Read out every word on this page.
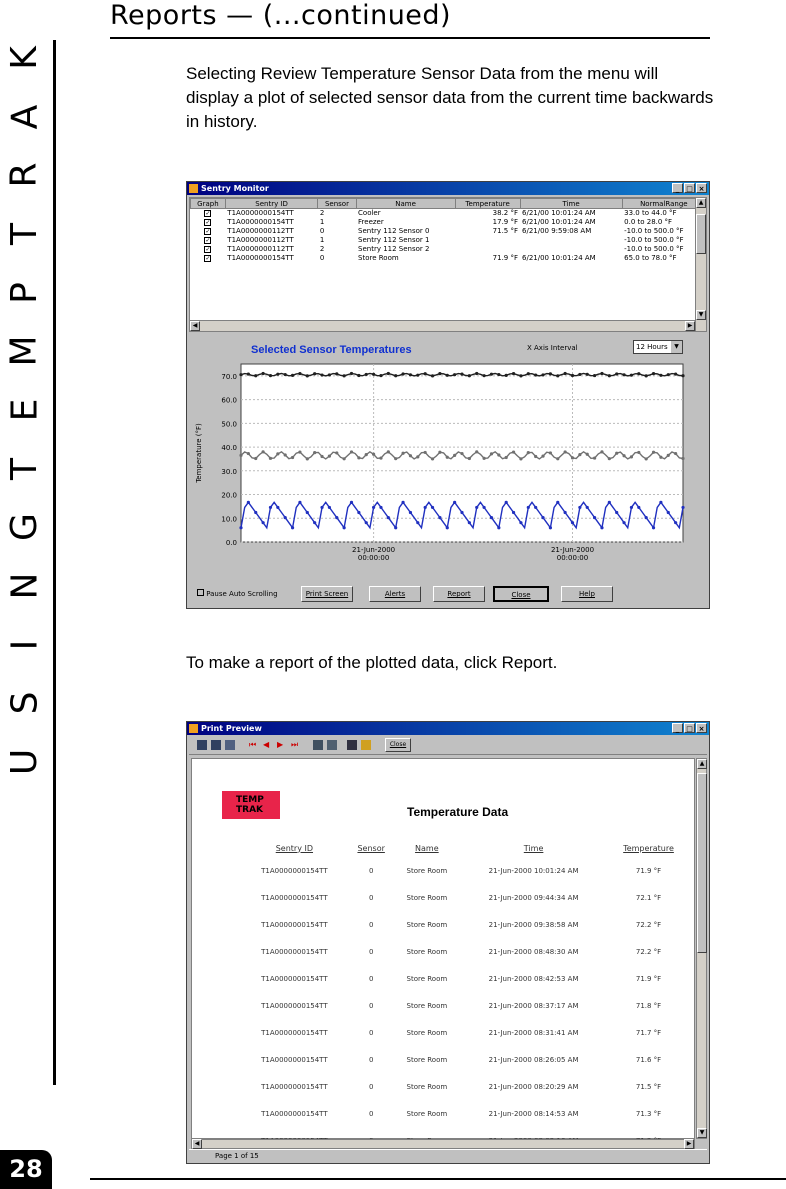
Reports — (...continued)
K
A
R
T
P
M
E
T
G
N
I
S
U
Selecting Review Temperature Sensor Data from the menu will display a plot of selected sensor data from the current time backwards in history.
Sentry Monitor	_ □ ×
Graph	Sentry ID	Sensor	Name	Temperature	Time	NormalRange
✓	T1A0000000154TT	2	Cooler	38.2 °F	6/21/00 10:01:24 AM	33.0 to 44.0 °F
✓	T1A0000000154TT	1	Freezer	17.9 °F	6/21/00 10:01:24 AM	0.0 to 28.0 °F
✓	T1A0000000112TT	0	Sentry 112 Sensor 0	71.5 °F	6/21/00 9:59:08 AM	-10.0 to 500.0 °F
✓	T1A0000000112TT	1	Sentry 112 Sensor 1			-10.0 to 500.0 °F
✓	T1A0000000112TT	2	Sentry 112 Sensor 2			-10.0 to 500.0 °F
✓	T1A0000000154TT	0	Store Room	71.9 °F	6/21/00 10:01:24 AM	65.0 to 78.0 °F
▲
▼
◀	▶
Selected Sensor Temperatures	X Axis Interval	12 Hours	▼
0.0
10.0
20.0
30.0
40.0
50.0
60.0
70.0
21-Jun-2000
00:00:00
21-Jun-2000
00:00:00
Temperature (°F)
Pause Auto Scrolling	Print Screen	Alerts	Report	Close	Help
To make a report of the plotted data, click Report.
Print Preview	_ □ ×
⏮ ◀ ▶ ⏭	Close
TEMP
TRAK	Temperature Data
Sentry ID	Sensor	Name	Time	Temperature
T1A0000000154TT	0	Store Room	21-Jun-2000 10:01:24 AM	71.9 °F
T1A0000000154TT	0	Store Room	21-Jun-2000 09:44:34 AM	72.1 °F
T1A0000000154TT	0	Store Room	21-Jun-2000 09:38:58 AM	72.2 °F
T1A0000000154TT	0	Store Room	21-Jun-2000 08:48:30 AM	72.2 °F
T1A0000000154TT	0	Store Room	21-Jun-2000 08:42:53 AM	71.9 °F
T1A0000000154TT	0	Store Room	21-Jun-2000 08:37:17 AM	71.8 °F
T1A0000000154TT	0	Store Room	21-Jun-2000 08:31:41 AM	71.7 °F
T1A0000000154TT	0	Store Room	21-Jun-2000 08:26:05 AM	71.6 °F
T1A0000000154TT	0	Store Room	21-Jun-2000 08:20:29 AM	71.5 °F
T1A0000000154TT	0	Store Room	21-Jun-2000 08:14:53 AM	71.3 °F

▲
▼
◀	▶
Page 1 of 15
28
